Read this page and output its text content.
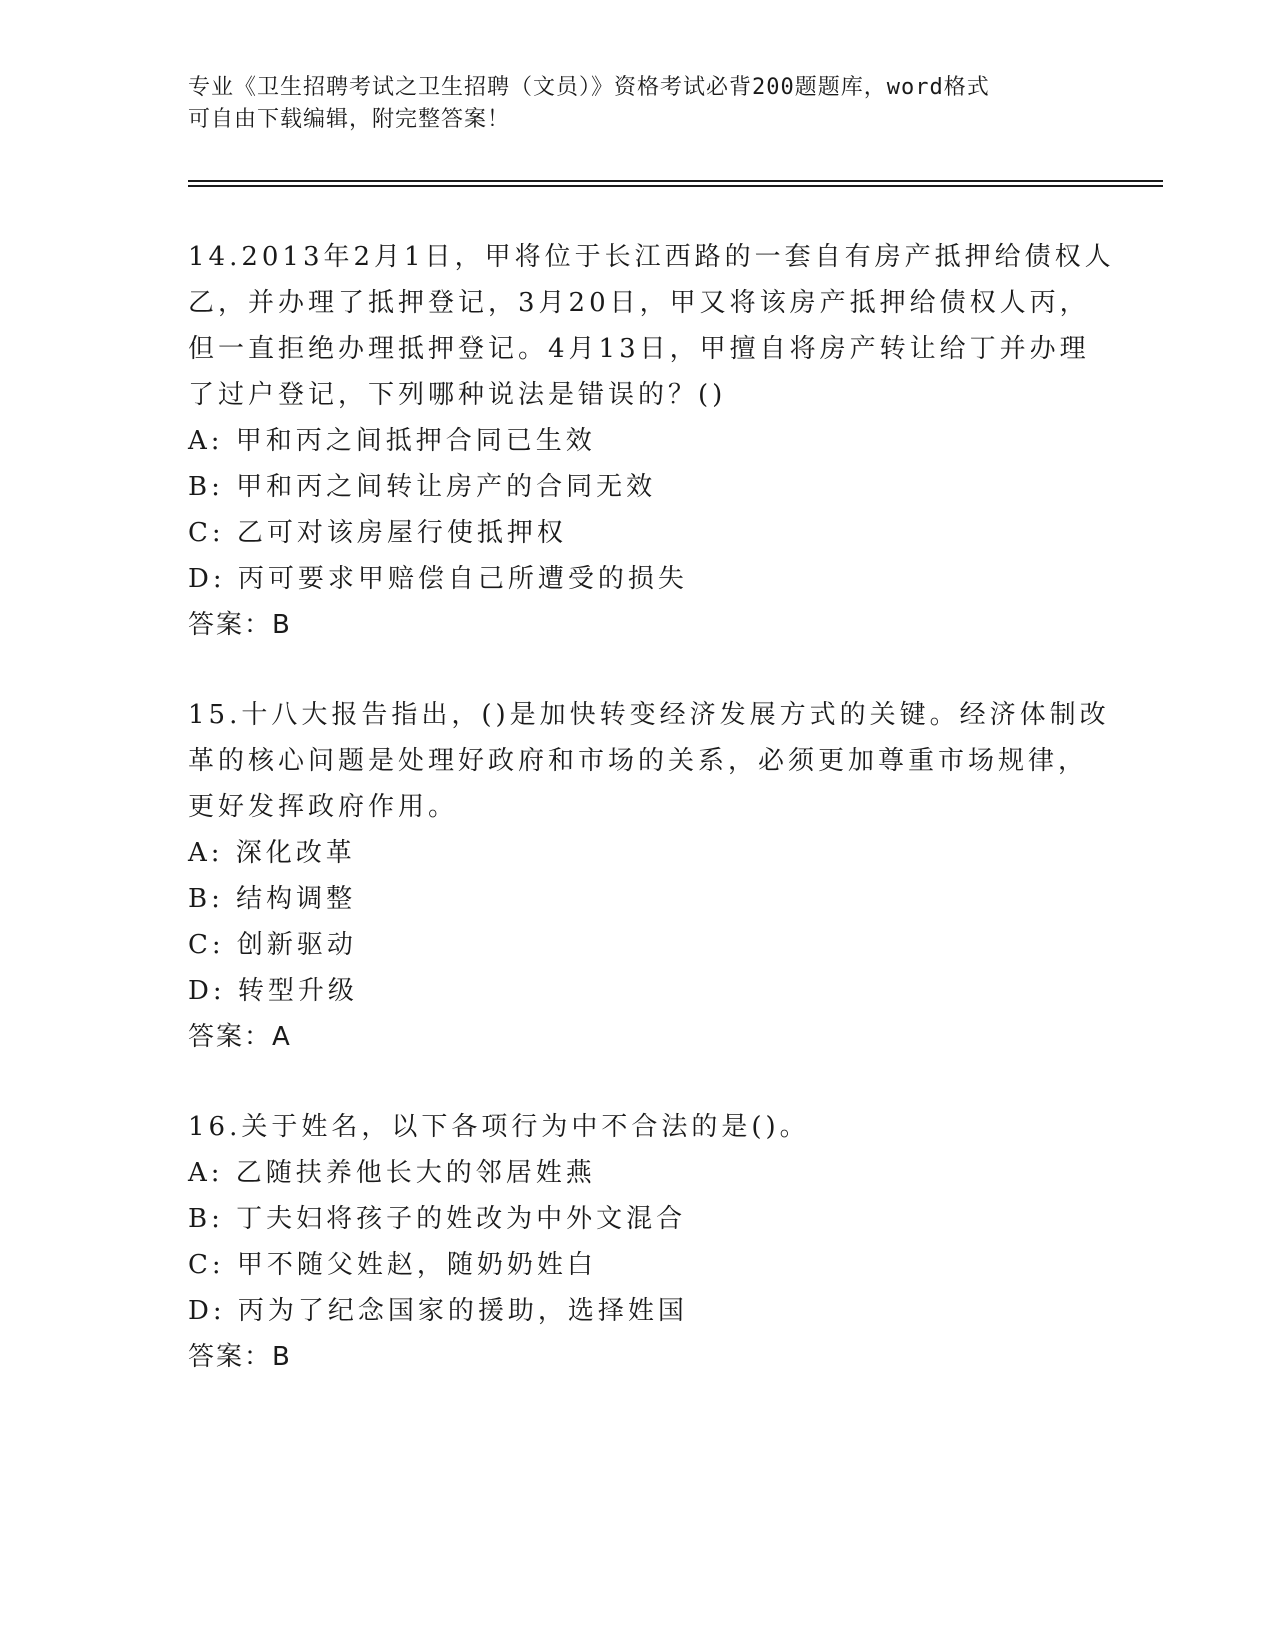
专业《卫生招聘考试之卫生招聘（文员）》资格考试必背200题题库，word格式

可自由下载编辑，附完整答案！

14.2013年2月1日，甲将位于长江西路的一套自有房产抵押给债权人

乙，并办理了抵押登记，3月20日，甲又将该房产抵押给债权人丙，

但一直拒绝办理抵押登记。4月13日，甲擅自将房产转让给丁并办理

了过户登记，下列哪种说法是错误的？()

A: 甲和丙之间抵押合同已生效

B: 甲和丙之间转让房产的合同无效

C: 乙可对该房屋行使抵押权

D: 丙可要求甲赔偿自己所遭受的损失

答案：B

15.十八大报告指出，()是加快转变经济发展方式的关键。经济体制改

革的核心问题是处理好政府和市场的关系，必须更加尊重市场规律，

更好发挥政府作用。

A: 深化改革

B: 结构调整

C: 创新驱动

D: 转型升级

答案：A

16.关于姓名，以下各项行为中不合法的是()。

A: 乙随扶养他长大的邻居姓燕

B: 丁夫妇将孩子的姓改为中外文混合

C: 甲不随父姓赵，随奶奶姓白

D: 丙为了纪念国家的援助，选择姓国

答案：B
